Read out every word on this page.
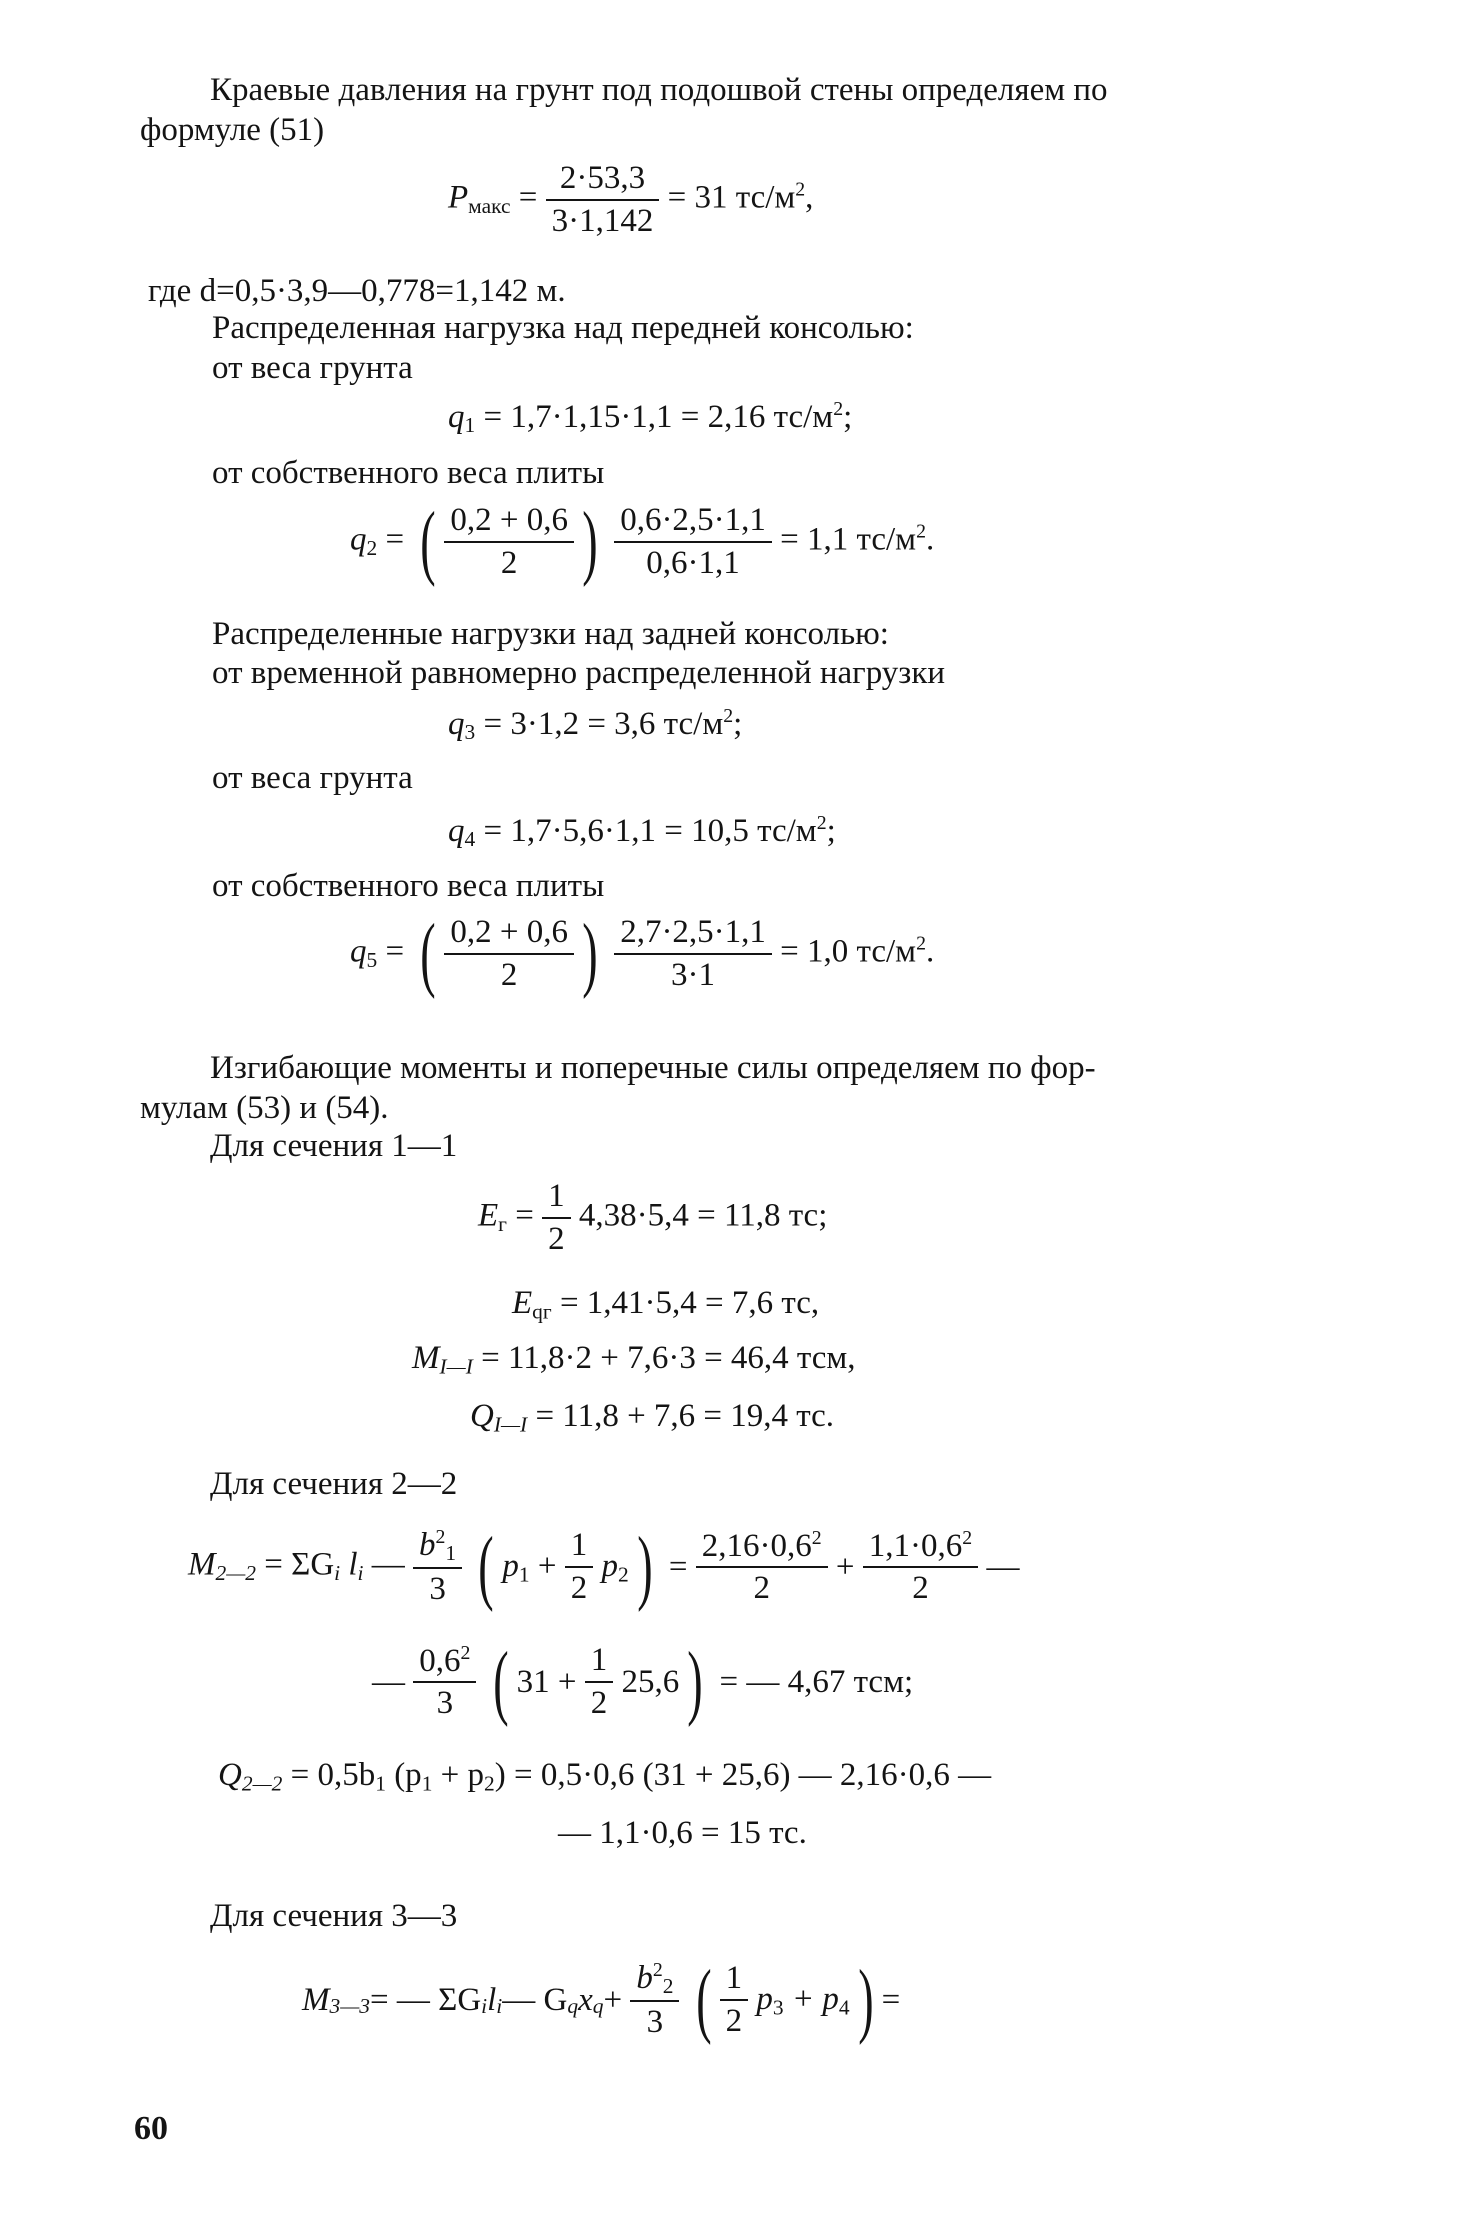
Краевые давления на грунт под подошвой стены определяем по
формуле (51)
$P_{макс} = \frac{2\cdot 53,3}{3\cdot 1,142} = 31$ $тс/м^2$,
где d=0,5·3,9—0,778=1,142 м.
Распределенная нагрузка над передней консолью:
от веса грунта
$q_1 = 1,7\cdot 1,15\cdot 1,1 = 2,16$ $тс/м^2$;
от собственного веса плиты
$q_2$ = ( $\frac{0,2 + 0,6}{2}$ ) $\frac{0,6\cdot 2,5\cdot 1,1}{0,6\cdot 1,1} = 1,1$ $тс/м^2$.
Распределенные нагрузки над задней консолью:
от временной равномерно распределенной нагрузки
$q_3 = 3\cdot 1,2 = 3,6$ $тс/м^2$;
от веса грунта
$q_4 = 1,7\cdot 5,6\cdot 1,1 = 10,5$ $тс/м^2$;
от собственного веса плиты
$q_5$ = ( $\frac{0,2 + 0,6}{2}$ ) $\frac{2,7\cdot 2,5\cdot 1,1}{3\cdot 1} = 1,0$ $тс/м^2$.
Изгибающие моменты и поперечные силы определяем по фор-
мулам (53) и (54).
Для сечения 1—1
$E_г = \frac{1}{2} 4,38\cdot 5,4 = 11,8$ тс;
$E_{qг} = 1,41\cdot 5,4 = 7,6$ тс,
$M_{I—I} = 11,8\cdot 2 + 7,6\cdot 3 = 46,4$ тсм,
$Q_{I—I} = 11,8 + 7,6 = 19,4$ тс.
Для сечения 2—2
$M_{2—2} = \Sigma G_i$ $l_i$ — $\frac{b^2_1}{3}$ ( $p_1 + \frac{1}{2} p_2) = \frac{2,16\cdot 0,6^2}{2} + \frac{1,1\cdot 0,6^2}{2}$ —
— $\frac{0,6^2}{3}$ ( $31 + \frac{1}{2} 25,6$) = — 4,67 тсм;
$Q_{2—2} = 0,5b_1$ $(p_1 + p_2) = 0,5\cdot 0,6$ (31 + 25,6) — 2,16·0,6 —
— 1,1·0,6 = 15 тс.
Для сечения 3—3
$M_{3—3}=$ — $\Sigma G_il_i—$ $G_qx_q+ \frac{b^2_2}{3}$ ( $\frac{1}{2} p_3 + p_4)=$
60
